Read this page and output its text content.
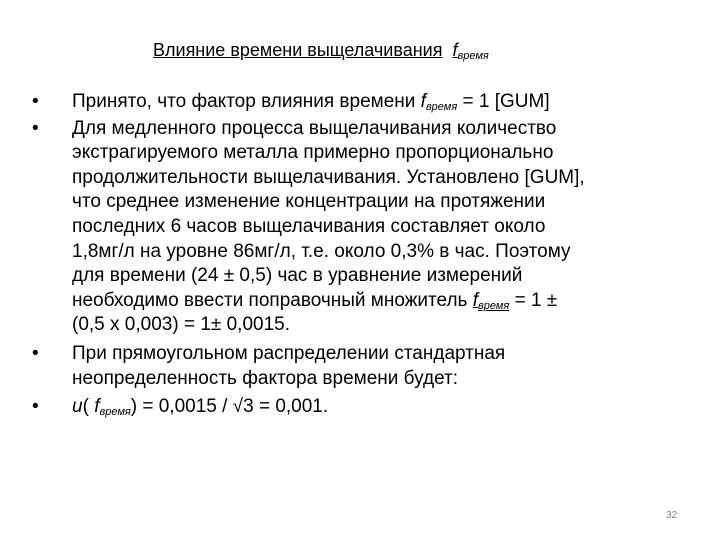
Влияние времени выщелачивания $f_{время}$
•	Принято, что фактор влияния времени $f_{время} = 1$ [GUM]
•	Для медленного процесса выщелачивания количество
экстрагируемого металла примерно пропорционально
продолжительности выщелачивания. Установлено [GUM],
что среднее изменение концентрации на протяжении
последних 6 часов выщелачивания составляет около
1,8мг/л на уровне 86мг/л, т.е. около 0,3% в час. Поэтому
для времени (24 ± 0,5) час в уравнение измерений
необходимо ввести поправочный множитель $f_{время} = 1$ ±
(0,5 х 0,003) = 1± 0,0015.
•	При прямоугольном распределении стандартная
неопределенность фактора времени будет:
•	u( $f_{время}) = 0,0015 / √3 = 0,001$.
32
